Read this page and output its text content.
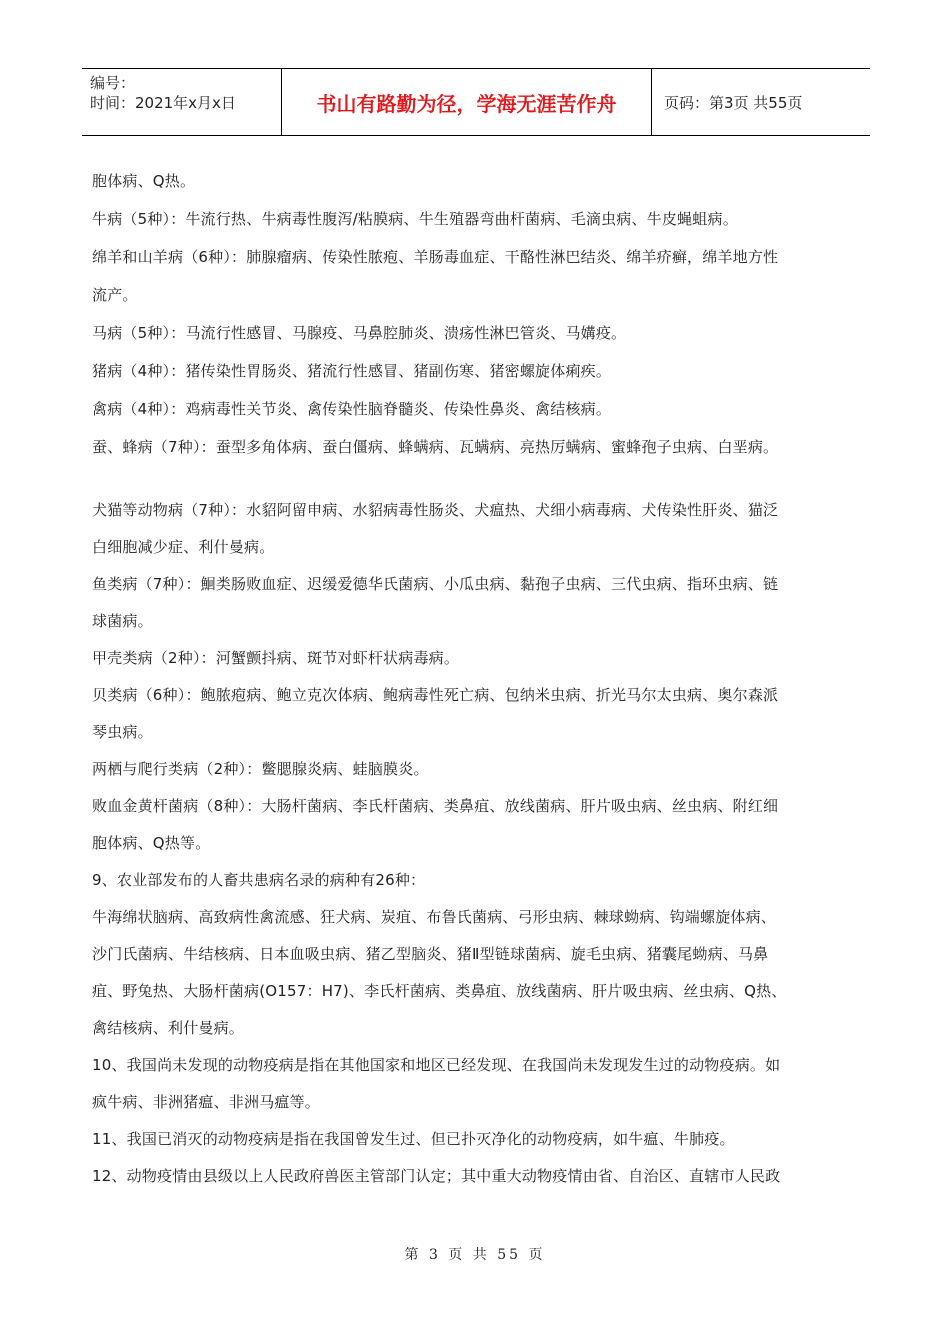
编号：
时间：2021年x月x日	书山有路勤为径，学海无涯苦作舟	页码：第3页 共55页

胞体病、Q热。

牛病（5种）：牛流行热、牛病毒性腹泻/粘膜病、牛生殖器弯曲杆菌病、毛滴虫病、牛皮蝇蛆病。

绵羊和山羊病（6种）：肺腺瘤病、传染性脓疱、羊肠毒血症、干酪性淋巴结炎、绵羊疥癣，绵羊地方性

流产。

马病（5种）：马流行性感冒、马腺疫、马鼻腔肺炎、溃疡性淋巴管炎、马媾疫。

猪病（4种）：猪传染性胃肠炎、猪流行性感冒、猪副伤寒、猪密螺旋体痢疾。

禽病（4种）：鸡病毒性关节炎、禽传染性脑脊髓炎、传染性鼻炎、禽结核病。

蚕、蜂病（7种）：蚕型多角体病、蚕白僵病、蜂螨病、瓦螨病、亮热厉螨病、蜜蜂孢子虫病、白垩病。

犬猫等动物病（7种）：水貂阿留申病、水貂病毒性肠炎、犬瘟热、犬细小病毒病、犬传染性肝炎、猫泛

白细胞减少症、利什曼病。

鱼类病（7种）：鮰类肠败血症、迟缓爱德华氏菌病、小瓜虫病、黏孢子虫病、三代虫病、指环虫病、链

球菌病。

甲壳类病（2种）：河蟹颤抖病、斑节对虾杆状病毒病。

贝类病（6种）：鲍脓疱病、鲍立克次体病、鲍病毒性死亡病、包纳米虫病、折光马尔太虫病、奥尔森派

琴虫病。

两栖与爬行类病（2种）：鳖腮腺炎病、蛙脑膜炎。

败血金黄杆菌病（8种）：大肠杆菌病、李氏杆菌病、类鼻疽、放线菌病、肝片吸虫病、丝虫病、附红细

胞体病、Q热等。

9、农业部发布的人畜共患病名录的病种有26种：

牛海绵状脑病、高致病性禽流感、狂犬病、炭疽、布鲁氏菌病、弓形虫病、棘球蚴病、钩端螺旋体病、

沙门氏菌病、牛结核病、日本血吸虫病、猪乙型脑炎、猪Ⅱ型链球菌病、旋毛虫病、猪囊尾蚴病、马鼻

疽、野兔热、大肠杆菌病(O157：H7)、李氏杆菌病、类鼻疽、放线菌病、肝片吸虫病、丝虫病、Q热、

禽结核病、利什曼病。

10、我国尚未发现的动物疫病是指在其他国家和地区已经发现、在我国尚未发现发生过的动物疫病。如

疯牛病、非洲猪瘟、非洲马瘟等。

11、我国已消灭的动物疫病是指在我国曾发生过、但已扑灭净化的动物疫病，如牛瘟、牛肺疫。

12、动物疫情由县级以上人民政府兽医主管部门认定；其中重大动物疫情由省、自治区、直辖市人民政

第 3 页 共 55 页
